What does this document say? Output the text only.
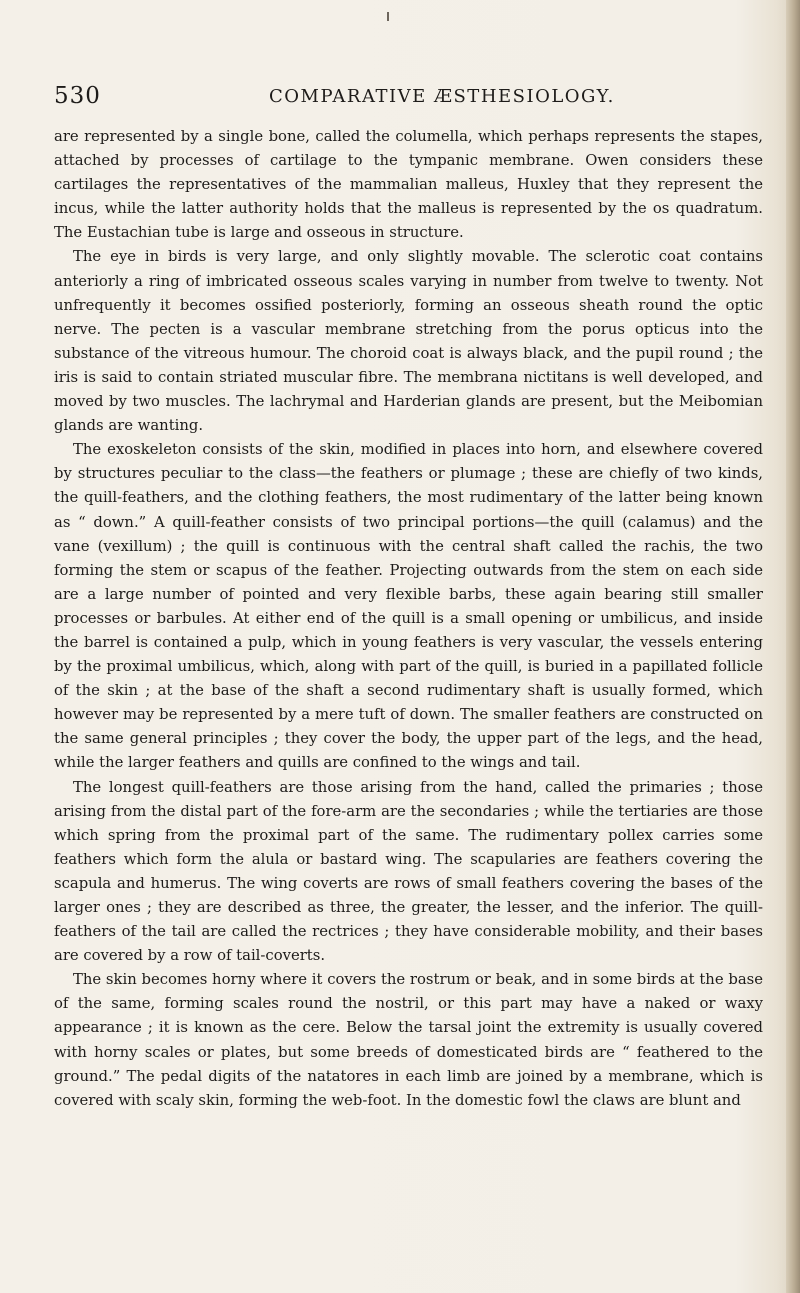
530	COMPARATIVE ÆSTHESIOLOGY.

are represented by a single bone, called the columella, which perhaps represents the stapes, attached by processes of cartilage to the tympanic membrane. Owen considers these cartilages the representatives of the mammalian malleus, Huxley that they represent the incus, while the latter authority holds that the malleus is represented by the os quadratum. The Eustachian tube is large and osseous in structure.

The eye in birds is very large, and only slightly movable. The sclerotic coat contains anteriorly a ring of imbricated osseous scales varying in number from twelve to twenty. Not unfrequently it becomes ossified posteriorly, forming an osseous sheath round the optic nerve. The pecten is a vascular membrane stretching from the porus opticus into the substance of the vitreous humour. The choroid coat is always black, and the pupil round ; the iris is said to contain striated muscular fibre. The membrana nictitans is well developed, and moved by two muscles. The lachrymal and Harderian glands are present, but the Meibomian glands are wanting.

The exoskeleton consists of the skin, modified in places into horn, and elsewhere covered by structures peculiar to the class—the feathers or plumage ; these are chiefly of two kinds, the quill-feathers, and the clothing feathers, the most rudimentary of the latter being known as “ down.” A quill-feather consists of two principal portions—the quill (calamus) and the vane (vexillum) ; the quill is continuous with the central shaft called the rachis, the two forming the stem or scapus of the feather. Projecting outwards from the stem on each side are a large number of pointed and very flexible barbs, these again bearing still smaller processes or barbules. At either end of the quill is a small opening or umbilicus, and inside the barrel is contained a pulp, which in young feathers is very vascular, the vessels entering by the proximal umbilicus, which, along with part of the quill, is buried in a papillated follicle of the skin ; at the base of the shaft a second rudimentary shaft is usually formed, which however may be represented by a mere tuft of down. The smaller feathers are constructed on the same general principles ; they cover the body, the upper part of the legs, and the head, while the larger feathers and quills are confined to the wings and tail.

The longest quill-feathers are those arising from the hand, called the primaries ; those arising from the distal part of the fore-arm are the secondaries ; while the tertiaries are those which spring from the proximal part of the same. The rudimentary pollex carries some feathers which form the alula or bastard wing. The scapularies are feathers covering the scapula and humerus. The wing coverts are rows of small feathers covering the bases of the larger ones ; they are described as three, the greater, the lesser, and the inferior. The quill-feathers of the tail are called the rectrices ; they have considerable mobility, and their bases are covered by a row of tail-coverts.

The skin becomes horny where it covers the rostrum or beak, and in some birds at the base of the same, forming scales round the nostril, or this part may have a naked or waxy appearance ; it is known as the cere. Below the tarsal joint the extremity is usually covered with horny scales or plates, but some breeds of domesticated birds are “ feathered to the ground.” The pedal digits of the natatores in each limb are joined by a membrane, which is covered with scaly skin, forming the web-foot. In the domestic fowl the claws are blunt and
